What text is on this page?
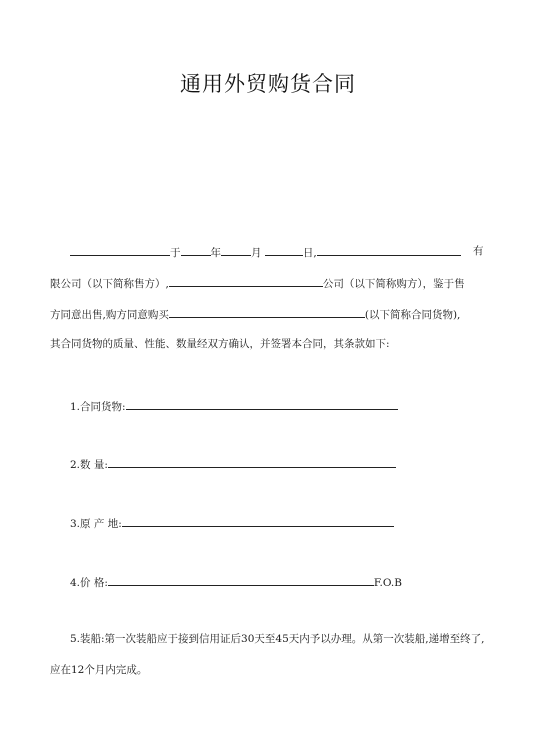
通用外贸购货合同
于	年	月	日,	有
限公司（以下简称售方）,	公司（以下简称购方），鉴于售
方同意出售,购方同意购买	(以下简称合同货物),
其合同货物的质量、性能、数量经双方确认，并签署本合同，其条款如下:
1.合同货物:
2.数 量:
3.原 产 地:
4.价 格:	F.O.B
5.装船:第一次装船应于接到信用证后30天至45天内予以办理。从第一次装船,递增至终了,
应在12个月内完成。
